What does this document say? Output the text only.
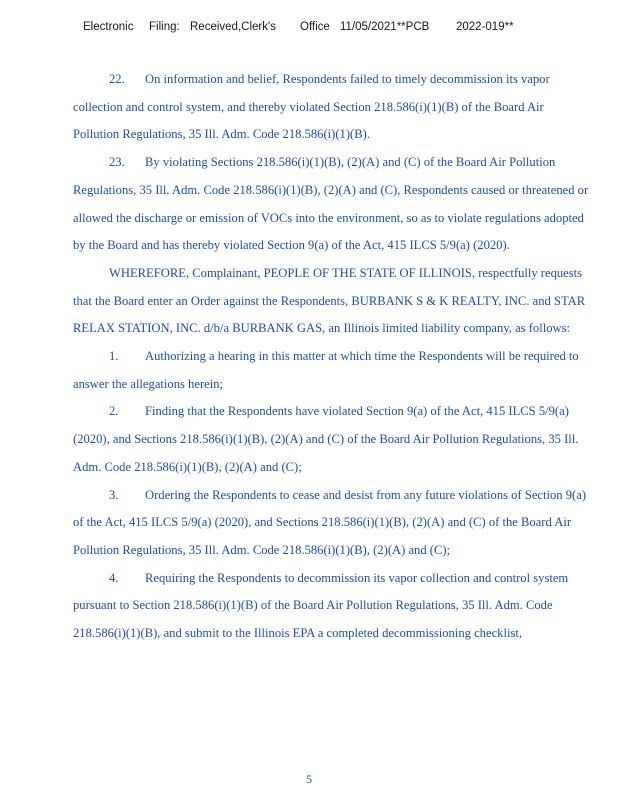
Electronic Filing: Received,Clerk's Office 11/05/2021**PCB 2022-019**

22. On information and belief, Respondents failed to timely decommission its vapor collection and control system, and thereby violated Section 218.586(i)(1)(B) of the Board Air Pollution Regulations, 35 Ill. Adm. Code 218.586(i)(1)(B).

23. By violating Sections 218.586(i)(1)(B), (2)(A) and (C) of the Board Air Pollution Regulations, 35 Ill. Adm. Code 218.586(i)(1)(B), (2)(A) and (C), Respondents caused or threatened or allowed the discharge or emission of VOCs into the environment, so as to violate regulations adopted by the Board and has thereby violated Section 9(a) of the Act, 415 ILCS 5/9(a) (2020).

WHEREFORE, Complainant, PEOPLE OF THE STATE OF ILLINOIS, respectfully requests that the Board enter an Order against the Respondents, BURBANK S & K REALTY, INC. and STAR RELAX STATION, INC. d/b/a BURBANK GAS, an Illinois limited liability company, as follows:

1. Authorizing a hearing in this matter at which time the Respondents will be required to answer the allegations herein;

2. Finding that the Respondents have violated Section 9(a) of the Act, 415 ILCS 5/9(a) (2020), and Sections 218.586(i)(1)(B), (2)(A) and (C) of the Board Air Pollution Regulations, 35 Ill. Adm. Code 218.586(i)(1)(B), (2)(A) and (C);

3. Ordering the Respondents to cease and desist from any future violations of Section 9(a) of the Act, 415 ILCS 5/9(a) (2020), and Sections 218.586(i)(1)(B), (2)(A) and (C) of the Board Air Pollution Regulations, 35 Ill. Adm. Code 218.586(i)(1)(B), (2)(A) and (C);

4. Requiring the Respondents to decommission its vapor collection and control system pursuant to Section 218.586(i)(1)(B) of the Board Air Pollution Regulations, 35 Ill. Adm. Code 218.586(i)(1)(B), and submit to the Illinois EPA a completed decommissioning checklist,

5
